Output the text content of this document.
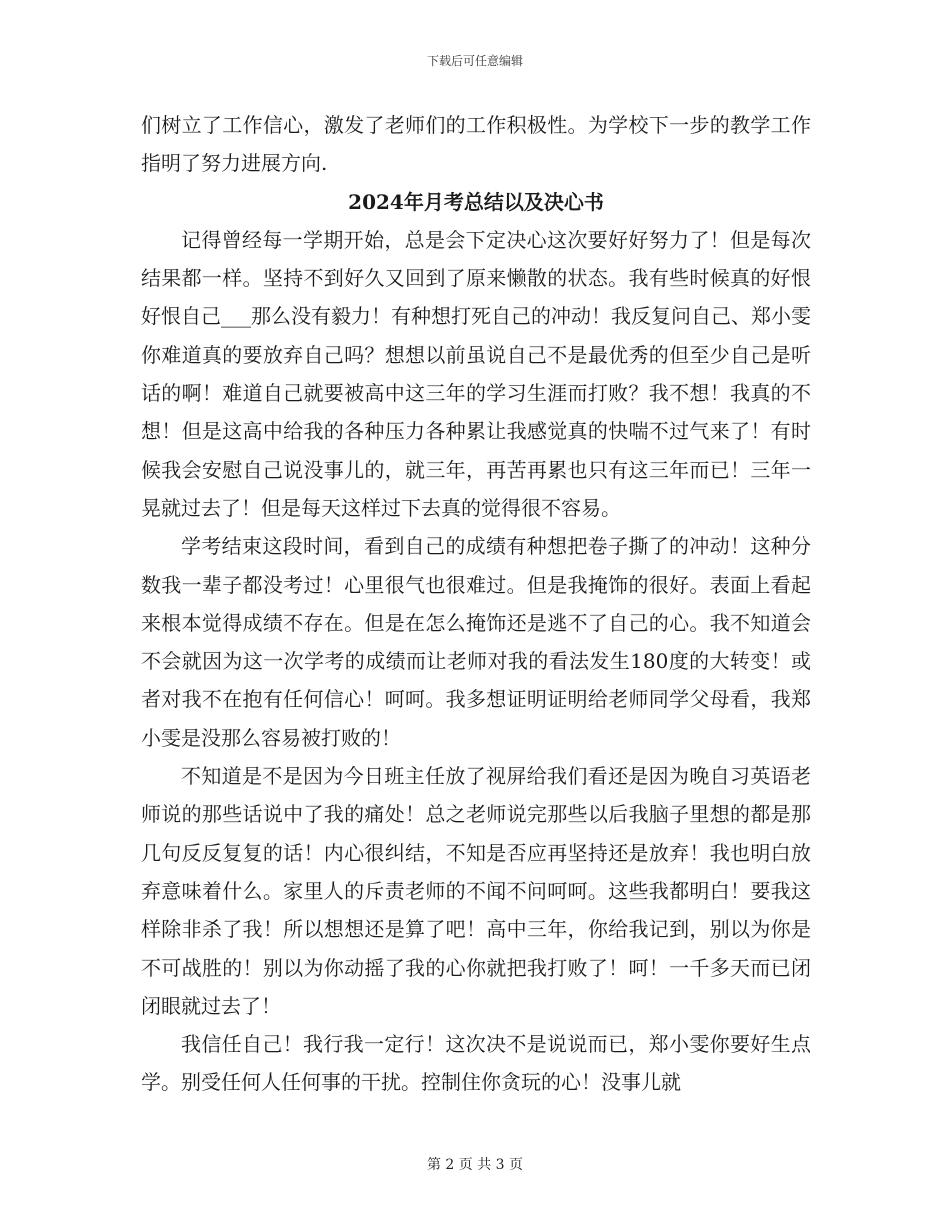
下载后可任意编辑

们树立了工作信心，激发了老师们的工作积极性。为学校下一步的教学工作指明了努力进展方向.

2024年月考总结以及决心书

记得曾经每一学期开始，总是会下定决心这次要好好努力了！但是每次结果都一样。坚持不到好久又回到了原来懒散的状态。我有些时候真的好恨好恨自己___那么没有毅力！有种想打死自己的冲动！我反复问自己、郑小雯你难道真的要放弃自己吗？想想以前虽说自己不是最优秀的但至少自己是听话的啊！难道自己就要被高中这三年的学习生涯而打败？我不想！我真的不想！但是这高中给我的各种压力各种累让我感觉真的快喘不过气来了！有时候我会安慰自己说没事儿的，就三年，再苦再累也只有这三年而已！三年一晃就过去了！但是每天这样过下去真的觉得很不容易。

学考结束这段时间，看到自己的成绩有种想把卷子撕了的冲动！这种分数我一辈子都没考过！心里很气也很难过。但是我掩饰的很好。表面上看起来根本觉得成绩不存在。但是在怎么掩饰还是逃不了自己的心。我不知道会不会就因为这一次学考的成绩而让老师对我的看法发生180度的大转变！或者对我不在抱有任何信心！呵呵。我多想证明证明给老师同学父母看，我郑小雯是没那么容易被打败的！

不知道是不是因为今日班主任放了视屏给我们看还是因为晚自习英语老师说的那些话说中了我的痛处！总之老师说完那些以后我脑子里想的都是那几句反反复复的话！内心很纠结，不知是否应再坚持还是放弃！我也明白放弃意味着什么。家里人的斥责老师的不闻不问呵呵。这些我都明白！要我这样除非杀了我！所以想想还是算了吧！高中三年，你给我记到，别以为你是不可战胜的！别以为你动摇了我的心你就把我打败了！呵！一千多天而已闭闭眼就过去了！

我信任自己！我行我一定行！这次决不是说说而已，郑小雯你要好生点学。别受任何人任何事的干扰。控制住你贪玩的心！没事儿就

第 2 页 共 3 页
